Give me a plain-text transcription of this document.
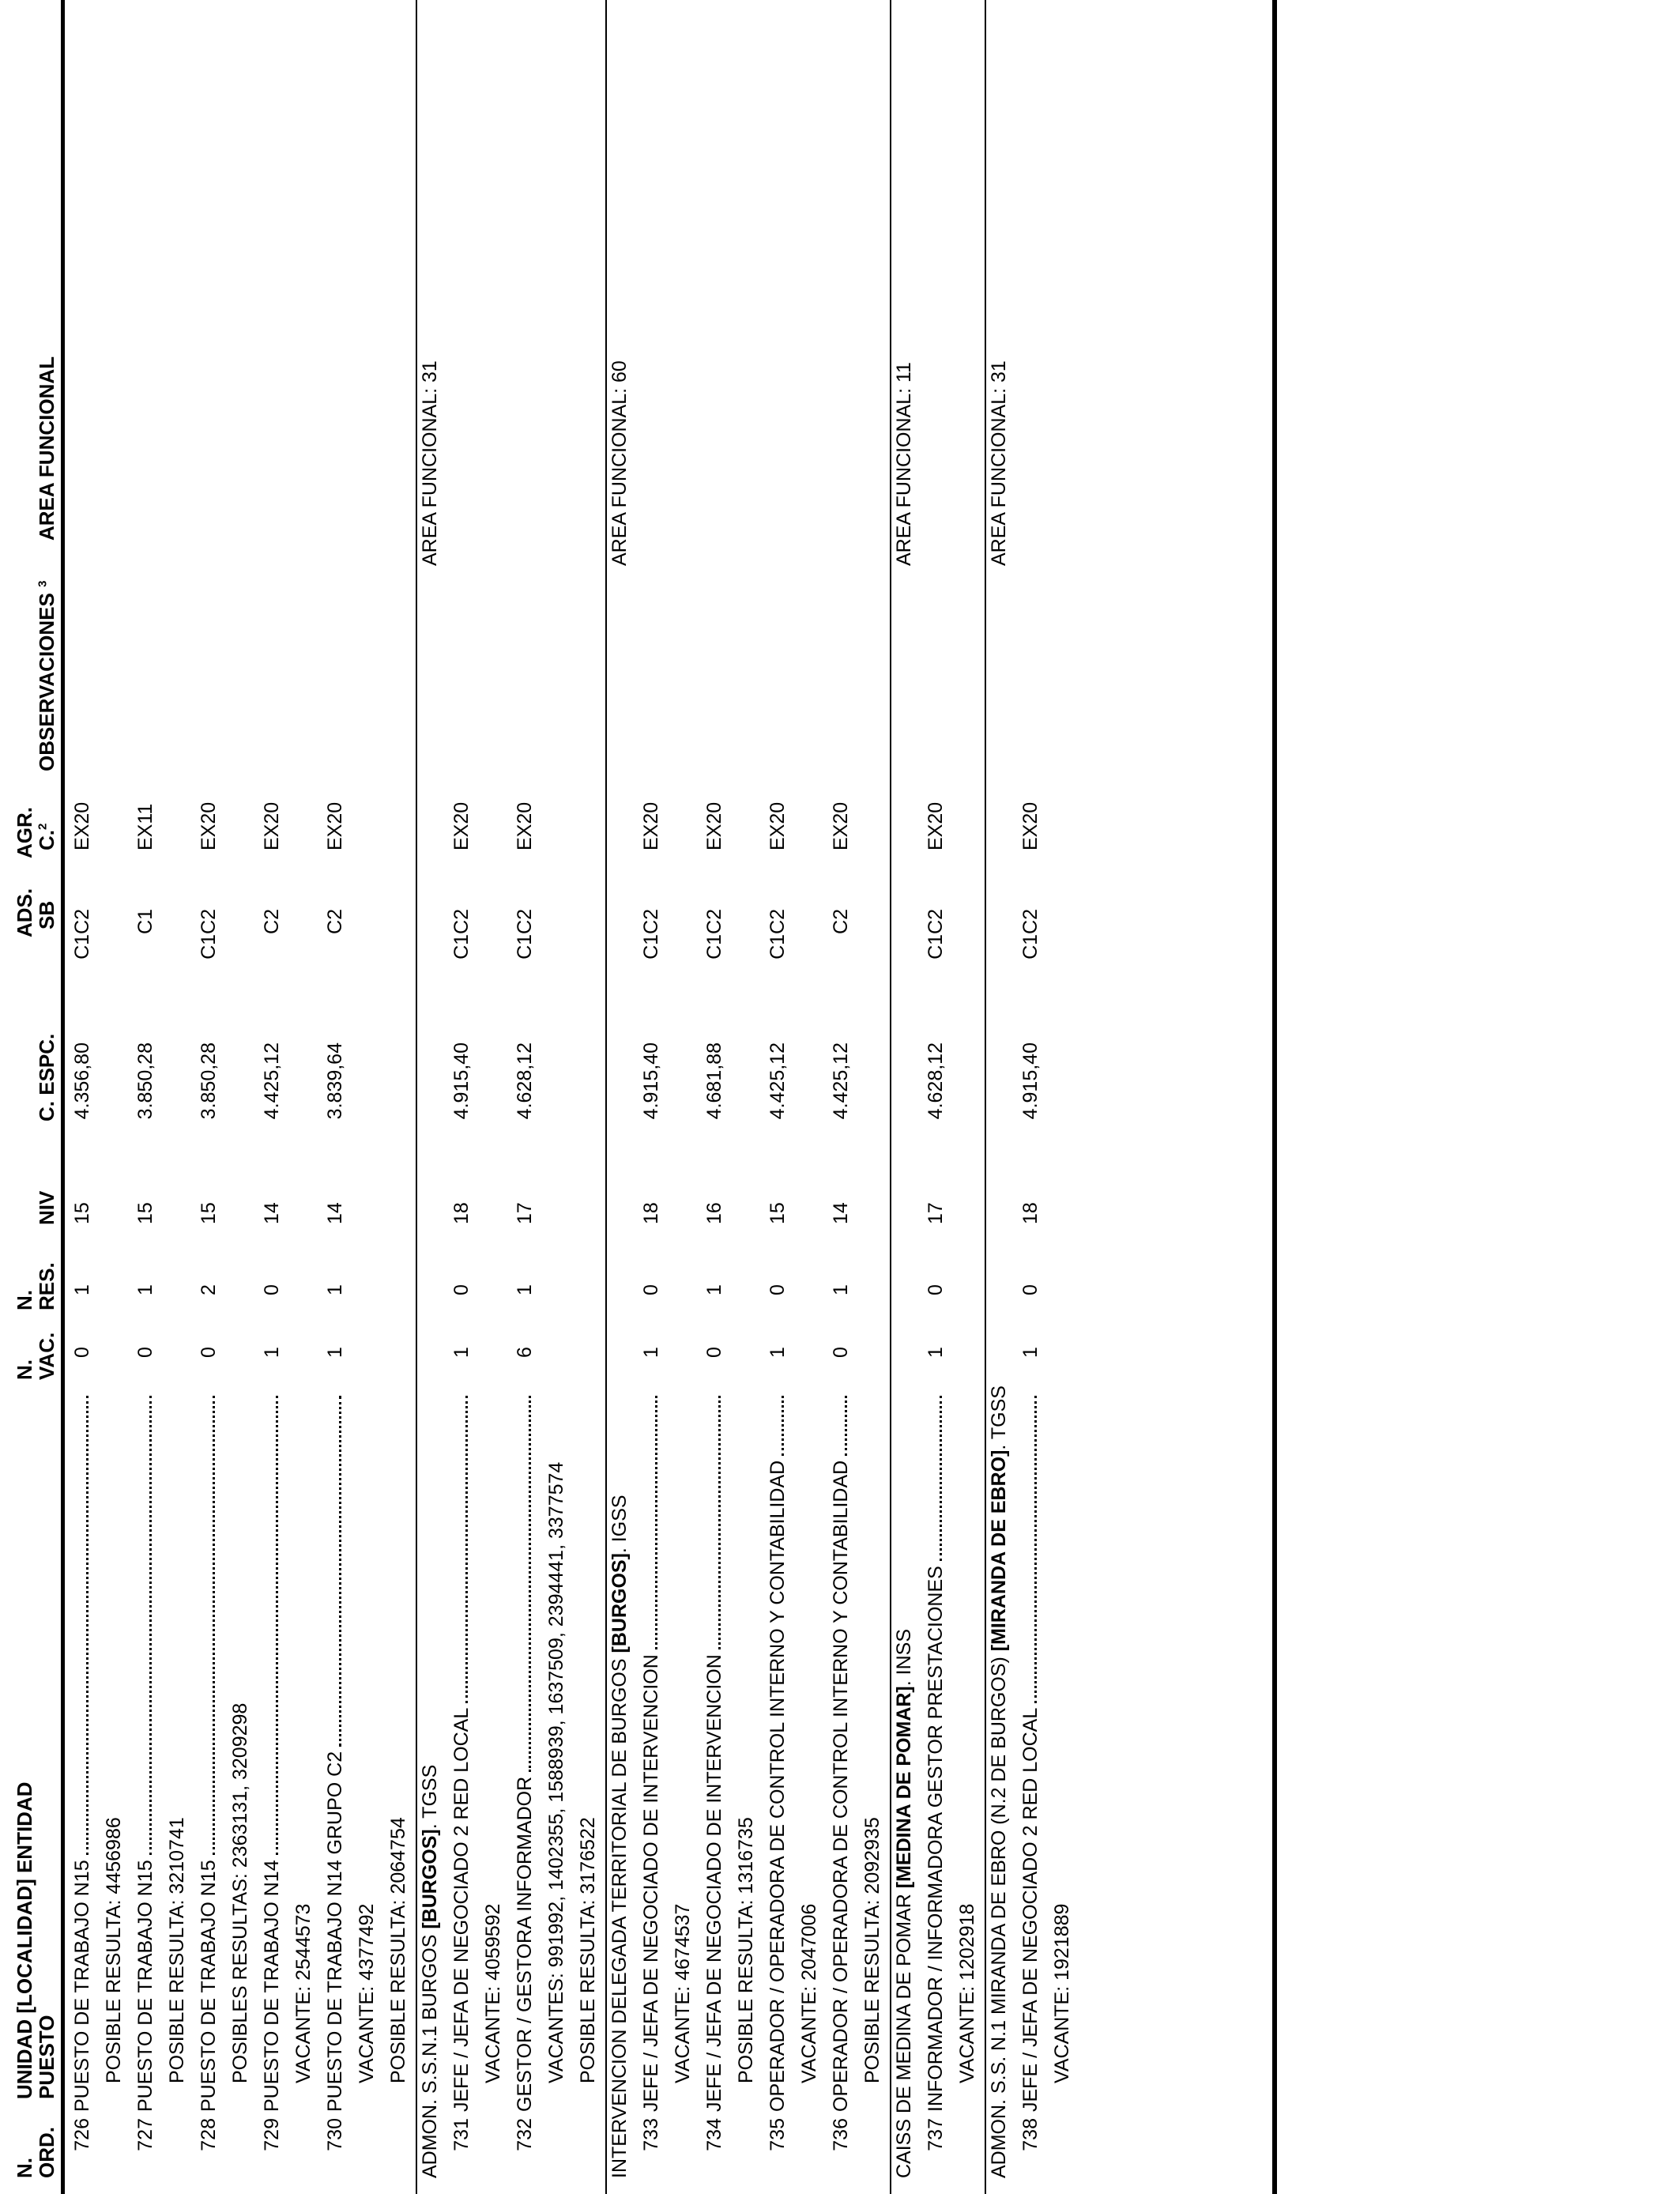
N.
ORD.
UNIDAD [LOCALIDAD] ENTIDAD
PUESTO
N.
VAC.
N.
RES.
NIV
C. ESPC.
ADS.
SB
AGR.
C.$^2$
OBSERVACIONES $^3$
AREA FUNCIONAL
726
PUESTO DE TRABAJO N15
0
1
15
4.356,80
C1C2
EX20
POSIBLE RESULTA: 4456986
727
PUESTO DE TRABAJO N15
0
1
15
3.850,28
C1
EX11
POSIBLE RESULTA: 3210741
728
PUESTO DE TRABAJO N15
0
2
15
3.850,28
C1C2
EX20
POSIBLES RESULTAS: 2363131, 3209298
729
PUESTO DE TRABAJO N14
1
0
14
4.425,12
C2
EX20
VACANTE: 2544573
730
PUESTO DE TRABAJO N14 GRUPO C2
1
1
14
3.839,64
C2
EX20
VACANTE: 4377492 POSIBLE RESULTA: 2064754 ADMON. S.S.N.1 BURGOS [BURGOS]. TGSS
AREA FUNCIONAL: 31
731
JEFE / JEFA DE NEGOCIADO 2 RED LOCAL
1
0
18
4.915,40
C1C2
EX20
VACANTE: 4059592
732
GESTOR / GESTORA INFORMADOR
6
1
17
4.628,12
C1C2
EX20
VACANTES: 991992, 1402355, 1588939, 1637509, 2394441, 3377574 POSIBLE RESULTA: 3176522 INTERVENCION DELEGADA TERRITORIAL DE BURGOS [BURGOS]. IGSS
AREA FUNCIONAL: 60
733
JEFE / JEFA DE NEGOCIADO DE INTERVENCION
1
0
18
4.915,40
C1C2
EX20
VACANTE: 4674537
734
JEFE / JEFA DE NEGOCIADO DE INTERVENCION
0
1
16
4.681,88
C1C2
EX20
POSIBLE RESULTA: 1316735
735
OPERADOR / OPERADORA DE CONTROL INTERNO Y CONTABILIDAD
1
0
15
4.425,12
C1C2
EX20
VACANTE: 2047006
736
OPERADOR / OPERADORA DE CONTROL INTERNO Y CONTABILIDAD
0
1
14
4.425,12
C2
EX20
POSIBLE RESULTA: 2092935 CAISS DE MEDINA DE POMAR [MEDINA DE POMAR]. INSS
AREA FUNCIONAL: 11
737
INFORMADOR / INFORMADORA GESTOR PRESTACIONES
1
0
17
4.628,12
C1C2
EX20
VACANTE: 1202918 ADMON. S.S. N.1 MIRANDA DE EBRO (N.2 DE BURGOS) [MIRANDA DE EBRO]. TGSS
AREA FUNCIONAL: 31
738
JEFE / JEFA DE NEGOCIADO 2 RED LOCAL
1
0
18
4.915,40
C1C2
EX20
VACANTE: 1921889
